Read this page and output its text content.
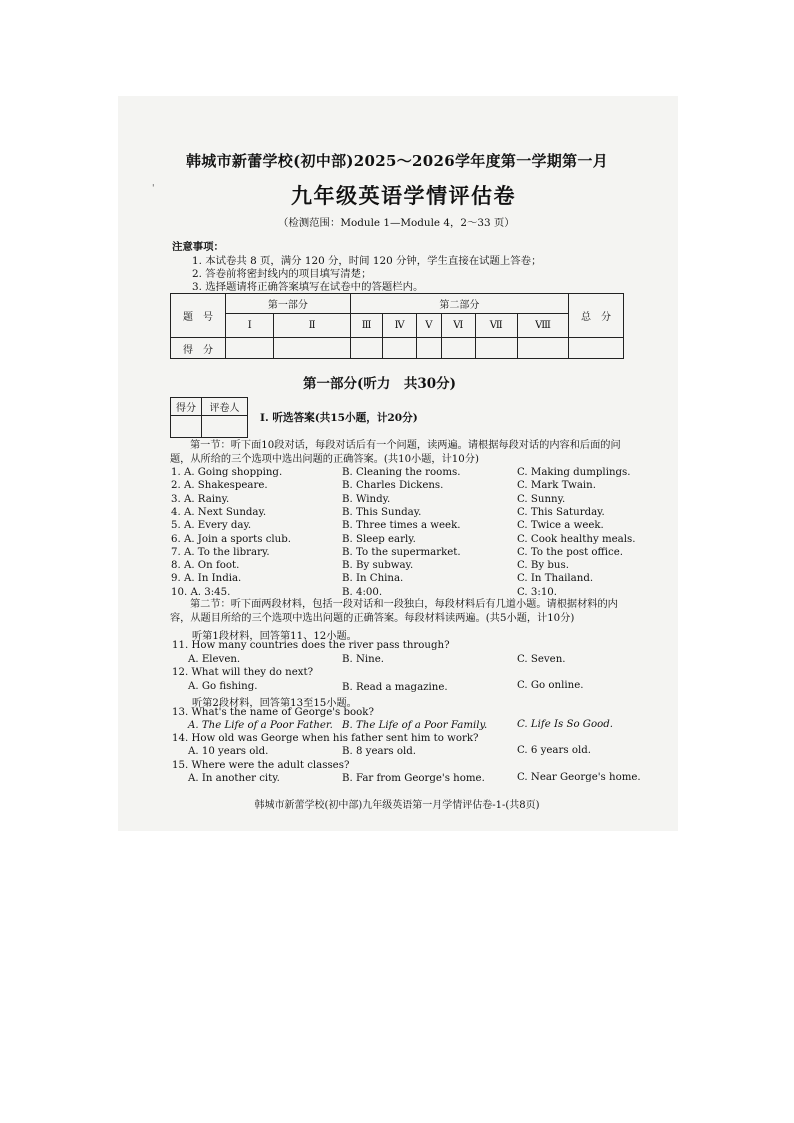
'
韩城市新蕾学校(初中部)2025～2026学年度第一学期第一月
九年级英语学情评估卷
（检测范围：Module 1—Module 4，2～33 页）
注意事项：
1. 本试卷共 8 页，满分 120 分，时间 120 分钟，学生直接在试题上答卷；
2. 答卷前将密封线内的项目填写清楚；
3. 选择题请将正确答案填写在试卷中的答题栏内。
题　号	第一部分		第二部分						总　分
	Ⅰ	Ⅱ	Ⅲ	Ⅳ	Ⅴ	Ⅵ	Ⅶ	Ⅷ	
得　分									
第一部分(听力　共30分)
得分	评卷人

Ⅰ. 听选答案(共15小题，计20分)
第一节：听下面10段对话，每段对话后有一个问题，读两遍。请根据每段对话的内容和后面的问题，从所给的三个选项中选出问题的正确答案。(共10小题，计10分)
1. A. Going shopping.	B. Cleaning the rooms.	C. Making dumplings.
2. A. Shakespeare.	B. Charles Dickens.	C. Mark Twain.
3. A. Rainy.	B. Windy.	C. Sunny.
4. A. Next Sunday.	B. This Sunday.	C. This Saturday.
5. A. Every day.	B. Three times a week.	C. Twice a week.
6. A. Join a sports club.	B. Sleep early.	C. Cook healthy meals.
7. A. To the library.	B. To the supermarket.	C. To the post office.
8. A. On foot.	B. By subway.	C. By bus.
9. A. In India.	B. In China.	C. In Thailand.
10. A. 3:45.	B. 4:00.	C. 3:10.
第二节：听下面两段材料，包括一段对话和一段独白，每段材料后有几道小题。请根据材料的内容，从题目所给的三个选项中选出问题的正确答案。每段材料读两遍。(共5小题，计10分)
听第1段材料，回答第11、12小题。
11. How many countries does the river pass through?
A. Eleven.	B. Nine.	C. Seven.
12. What will they do next?
A. Go fishing.	B. Read a magazine.	C. Go online.
听第2段材料，回答第13至15小题。
13. What's the name of George's book?
A. The Life of a Poor Father. B. The Life of a Poor Family.	C. Life Is So Good.
14. How old was George when his father sent him to work?
A. 10 years old.	B. 8 years old.	C. 6 years old.
15. Where were the adult classes?
A. In another city.	B. Far from George's home.	C. Near George's home.
韩城市新蕾学校(初中部)九年级英语第一月学情评估卷-1-(共8页)
